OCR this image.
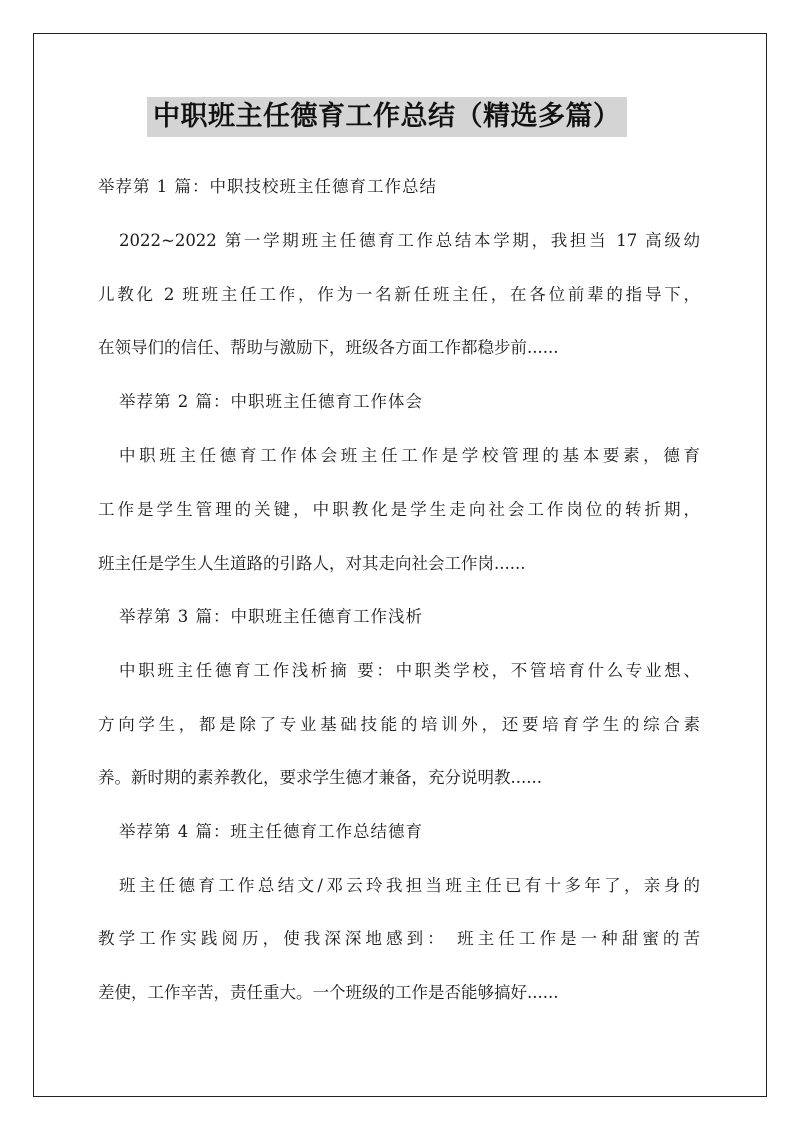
中职班主任德育工作总结（精选多篇）
举荐第 1 篇：中职技校班主任德育工作总结
2022~2022 第一学期班主任德育工作总结本学期，我担当 17 高级幼
儿教化 2 班班主任工作，作为一名新任班主任，在各位前辈的指导下，
在领导们的信任、帮助与激励下，班级各方面工作都稳步前......
举荐第 2 篇：中职班主任德育工作体会
中职班主任德育工作体会班主任工作是学校管理的基本要素，德育
工作是学生管理的关键，中职教化是学生走向社会工作岗位的转折期，
班主任是学生人生道路的引路人，对其走向社会工作岗......
举荐第 3 篇：中职班主任德育工作浅析
中职班主任德育工作浅析摘 要：中职类学校，不管培育什么专业想、
方向学生，都是除了专业基础技能的培训外，还要培育学生的综合素
养。新时期的素养教化，要求学生德才兼备，充分说明教......
举荐第 4 篇：班主任德育工作总结德育
班主任德育工作总结文/邓云玲我担当班主任已有十多年了，亲身的
教学工作实践阅历，使我深深地感到： 班主任工作是一种甜蜜的苦
差使，工作辛苦，责任重大。一个班级的工作是否能够搞好......
